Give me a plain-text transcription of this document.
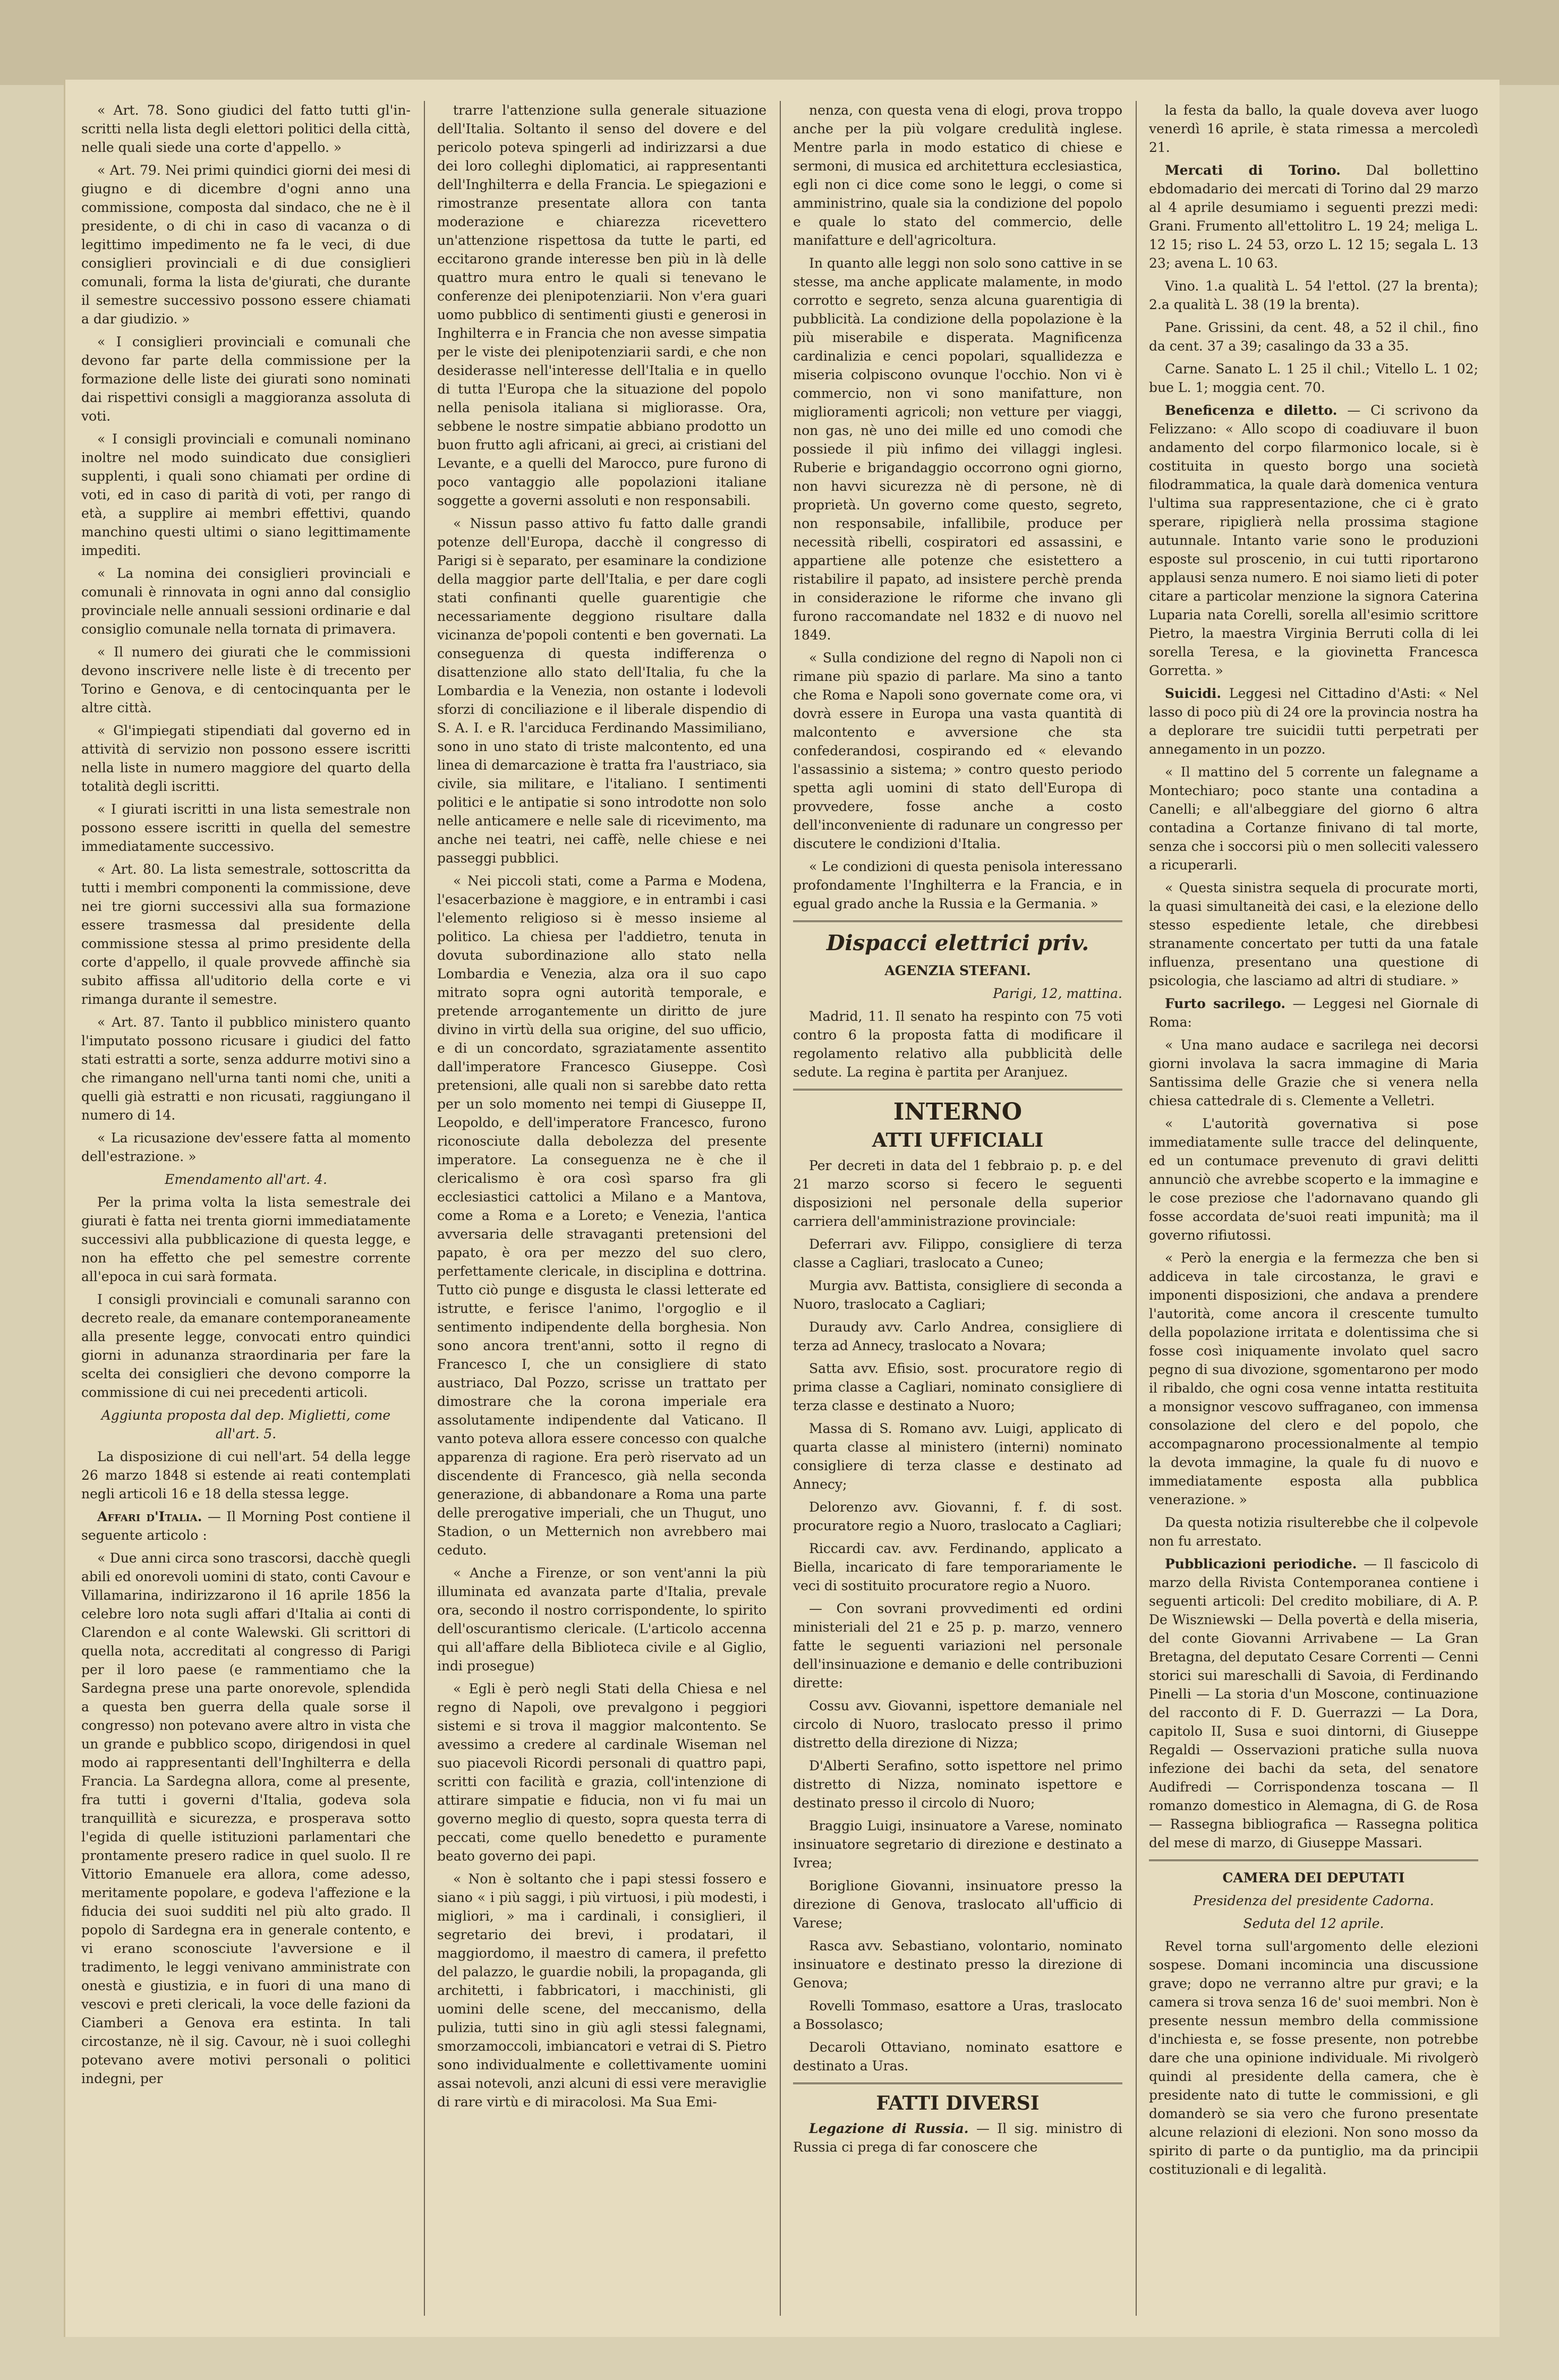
« Art. 78. Sono giudici del fatto tutti gl'in-scritti nella lista degli elettori politici della città, nelle quali siede una corte d'appello. »

« Art. 79. Nei primi quindici giorni dei mesi di giugno e di dicembre d'ogni anno una commissione, composta dal sindaco, che ne è il presidente, o di chi in caso di vacanza o di legittimo impedimento ne fa le veci, di due consiglieri provinciali e di due consiglieri comunali, forma la lista de'giurati, che durante il semestre successivo possono essere chiamati a dar giudizio. »

« I consiglieri provinciali e comunali che devono far parte della commissione per la formazione delle liste dei giurati sono nominati dai rispettivi consigli a maggioranza assoluta di voti.

« I consigli provinciali e comunali nominano inoltre nel modo suindicato due consiglieri supplenti, i quali sono chiamati per ordine di voti, ed in caso di parità di voti, per rango di età, a supplire ai membri effettivi, quando manchino questi ultimi o siano legittimamente impediti.

« La nomina dei consiglieri provinciali e comunali è rinnovata in ogni anno dal consiglio provinciale nelle annuali sessioni ordinarie e dal consiglio comunale nella tornata di primavera.

« Il numero dei giurati che le commissioni devono inscrivere nelle liste è di trecento per Torino e Genova, e di centocinquanta per le altre città.

« Gl'impiegati stipendiati dal governo ed in attività di servizio non possono essere iscritti nella liste in numero maggiore del quarto della totalità degli iscritti.

« I giurati iscritti in una lista semestrale non possono essere iscritti in quella del semestre immediatamente successivo.

« Art. 80. La lista semestrale, sottoscritta da tutti i membri componenti la commissione, deve nei tre giorni successivi alla sua formazione essere trasmessa dal presidente della commissione stessa al primo presidente della corte d'appello, il quale provvede affinchè sia subito affissa all'uditorio della corte e vi rimanga durante il semestre.

« Art. 87. Tanto il pubblico ministero quanto l'imputato possono ricusare i giudici del fatto stati estratti a sorte, senza addurre motivi sino a che rimangano nell'urna tanti nomi che, uniti a quelli già estratti e non ricusati, raggiungano il numero di 14.

« La ricusazione dev'essere fatta al momento dell'estrazione. »

Emendamento all'art. 4.

Per la prima volta la lista semestrale dei giurati è fatta nei trenta giorni immediatamente successivi alla pubblicazione di questa legge, e non ha effetto che pel semestre corrente all'epoca in cui sarà formata.

I consigli provinciali e comunali saranno con decreto reale, da emanare contemporaneamente alla presente legge, convocati entro quindici giorni in adunanza straordinaria per fare la scelta dei consiglieri che devono comporre la commissione di cui nei precedenti articoli.

Aggiunta proposta dal dep. Miglietti, come all'art. 5.

La disposizione di cui nell'art. 54 della legge 26 marzo 1848 si estende ai reati contemplati negli articoli 16 e 18 della stessa legge.

Affari d'Italia. — Il Morning Post contiene il seguente articolo :

« Due anni circa sono trascorsi, dacchè quegli abili ed onorevoli uomini di stato, conti Cavour e Villamarina, indirizzarono il 16 aprile 1856 la celebre loro nota sugli affari d'Italia ai conti di Clarendon e al conte Walewski. Gli scrittori di quella nota, accreditati al congresso di Parigi per il loro paese (e rammentiamo che la Sardegna prese una parte onorevole, splendida a questa ben guerra della quale sorse il congresso) non potevano avere altro in vista che un grande e pubblico scopo, dirigendosi in quel modo ai rappresentanti dell'Inghilterra e della Francia. La Sardegna allora, come al presente, fra tutti i governi d'Italia, godeva sola tranquillità e sicurezza, e prosperava sotto l'egida di quelle istituzioni parlamentari che prontamente presero radice in quel suolo. Il re Vittorio Emanuele era allora, come adesso, meritamente popolare, e godeva l'affezione e la fiducia dei suoi sudditi nel più alto grado. Il popolo di Sardegna era in generale contento, e vi erano sconosciute l'avversione e il tradimento, le leggi venivano amministrate con onestà e giustizia, e in fuori di una mano di vescovi e preti clericali, la voce delle fazioni da Ciamberi a Genova era estinta. In tali circostanze, nè il sig. Cavour, nè i suoi colleghi potevano avere motivi personali o politici indegni, per

trarre l'attenzione sulla generale situazione dell'Italia. Soltanto il senso del dovere e del pericolo poteva spingerli ad indirizzarsi a due dei loro colleghi diplomatici, ai rappresentanti dell'Inghilterra e della Francia. Le spiegazioni e rimostranze presentate allora con tanta moderazione e chiarezza ricevettero un'attenzione rispettosa da tutte le parti, ed eccitarono grande interesse ben più in là delle quattro mura entro le quali si tenevano le conferenze dei plenipotenziarii. Non v'era guari uomo pubblico di sentimenti giusti e generosi in Inghilterra e in Francia che non avesse simpatia per le viste dei plenipotenziarii sardi, e che non desiderasse nell'interesse dell'Italia e in quello di tutta l'Europa che la situazione del popolo nella penisola italiana si migliorasse. Ora, sebbene le nostre simpatie abbiano prodotto un buon frutto agli africani, ai greci, ai cristiani del Levante, e a quelli del Marocco, pure furono di poco vantaggio alle popolazioni italiane soggette a governi assoluti e non responsabili.

« Nissun passo attivo fu fatto dalle grandi potenze dell'Europa, dacchè il congresso di Parigi si è separato, per esaminare la condizione della maggior parte dell'Italia, e per dare cogli stati confinanti quelle guarentigie che necessariamente deggiono risultare dalla vicinanza de'popoli contenti e ben governati. La conseguenza di questa indifferenza o disattenzione allo stato dell'Italia, fu che la Lombardia e la Venezia, non ostante i lodevoli sforzi di conciliazione e il liberale dispendio di S. A. I. e R. l'arciduca Ferdinando Massimiliano, sono in uno stato di triste malcontento, ed una linea di demarcazione è tratta fra l'austriaco, sia civile, sia militare, e l'italiano. I sentimenti politici e le antipatie si sono introdotte non solo nelle anticamere e nelle sale di ricevimento, ma anche nei teatri, nei caffè, nelle chiese e nei passeggi pubblici.

« Nei piccoli stati, come a Parma e Modena, l'esacerbazione è maggiore, e in entrambi i casi l'elemento religioso si è messo insieme al politico. La chiesa per l'addietro, tenuta in dovuta subordinazione allo stato nella Lombardia e Venezia, alza ora il suo capo mitrato sopra ogni autorità temporale, e pretende arrogantemente un diritto de jure divino in virtù della sua origine, del suo ufficio, e di un concordato, sgraziatamente assentito dall'imperatore Francesco Giuseppe. Così pretensioni, alle quali non si sarebbe dato retta per un solo momento nei tempi di Giuseppe II, Leopoldo, e dell'imperatore Francesco, furono riconosciute dalla debolezza del presente imperatore. La conseguenza ne è che il clericalismo è ora così sparso fra gli ecclesiastici cattolici a Milano e a Mantova, come a Roma e a Loreto; e Venezia, l'antica avversaria delle stravaganti pretensioni del papato, è ora per mezzo del suo clero, perfettamente clericale, in disciplina e dottrina. Tutto ciò punge e disgusta le classi letterate ed istrutte, e ferisce l'animo, l'orgoglio e il sentimento indipendente della borghesia. Non sono ancora trent'anni, sotto il regno di Francesco I, che un consigliere di stato austriaco, Dal Pozzo, scrisse un trattato per dimostrare che la corona imperiale era assolutamente indipendente dal Vaticano. Il vanto poteva allora essere concesso con qualche apparenza di ragione. Era però riservato ad un discendente di Francesco, già nella seconda generazione, di abbandonare a Roma una parte delle prerogative imperiali, che un Thugut, uno Stadion, o un Metternich non avrebbero mai ceduto.

« Anche a Firenze, or son vent'anni la più illuminata ed avanzata parte d'Italia, prevale ora, secondo il nostro corrispondente, lo spirito dell'oscurantismo clericale. (L'articolo accenna qui all'affare della Biblioteca civile e al Giglio, indi prosegue)

« Egli è però negli Stati della Chiesa e nel regno di Napoli, ove prevalgono i peggiori sistemi e si trova il maggior malcontento. Se avessimo a credere al cardinale Wiseman nel suo piacevoli Ricordi personali di quattro papi, scritti con facilità e grazia, coll'intenzione di attirare simpatie e fiducia, non vi fu mai un governo meglio di questo, sopra questa terra di peccati, come quello benedetto e puramente beato governo dei papi.

« Non è soltanto che i papi stessi fossero e siano « i più saggi, i più virtuosi, i più modesti, i migliori, » ma i cardinali, i consiglieri, il segretario dei brevi, i prodatari, il maggiordomo, il maestro di camera, il prefetto del palazzo, le guardie nobili, la propaganda, gli architetti, i fabbricatori, i macchinisti, gli uomini delle scene, del meccanismo, della pulizia, tutti sino in giù agli stessi falegnami, smorzamoccoli, imbiancatori e vetrai di S. Pietro sono individualmente e collettivamente uomini assai notevoli, anzi alcuni di essi vere meraviglie di rare virtù e di miracolosi. Ma Sua Emi-

nenza, con questa vena di elogi, prova troppo anche per la più volgare credulità inglese. Mentre parla in modo estatico di chiese e sermoni, di musica ed architettura ecclesiastica, egli non ci dice come sono le leggi, o come si amministrino, quale sia la condizione del popolo e quale lo stato del commercio, delle manifatture e dell'agricoltura.

In quanto alle leggi non solo sono cattive in se stesse, ma anche applicate malamente, in modo corrotto e segreto, senza alcuna guarentigia di pubblicità. La condizione della popolazione è la più miserabile e disperata. Magnificenza cardinalizia e cenci popolari, squallidezza e miseria colpiscono ovunque l'occhio. Non vi è commercio, non vi sono manifatture, non miglioramenti agricoli; non vetture per viaggi, non gas, nè uno dei mille ed uno comodi che possiede il più infimo dei villaggi inglesi. Ruberie e brigandaggio occorrono ogni giorno, non havvi sicurezza nè di persone, nè di proprietà. Un governo come questo, segreto, non responsabile, infallibile, produce per necessità ribelli, cospiratori ed assassini, e appartiene alle potenze che esistettero a ristabilire il papato, ad insistere perchè prenda in considerazione le riforme che invano gli furono raccomandate nel 1832 e di nuovo nel 1849.

« Sulla condizione del regno di Napoli non ci rimane più spazio di parlare. Ma sino a tanto che Roma e Napoli sono governate come ora, vi dovrà essere in Europa una vasta quantità di malcontento e avversione che sta confederandosi, cospirando ed « elevando l'assassinio a sistema; » contro questo periodo spetta agli uomini di stato dell'Europa di provvedere, fosse anche a costo dell'inconveniente di radunare un congresso per discutere le condizioni d'Italia.

« Le condizioni di questa penisola interessano profondamente l'Inghilterra e la Francia, e in egual grado anche la Russia e la Germania. »

Dispacci elettrici priv.

AGENZIA STEFANI.

Parigi, 12, mattina.

Madrid, 11. Il senato ha respinto con 75 voti contro 6 la proposta fatta di modificare il regolamento relativo alla pubblicità delle sedute. La regina è partita per Aranjuez.

INTERNO

ATTI UFFICIALI

Per decreti in data del 1 febbraio p. p. e del 21 marzo scorso si fecero le seguenti disposizioni nel personale della superior carriera dell'amministrazione provinciale:

Deferrari avv. Filippo, consigliere di terza classe a Cagliari, traslocato a Cuneo;

Murgia avv. Battista, consigliere di seconda a Nuoro, traslocato a Cagliari;

Duraudy avv. Carlo Andrea, consigliere di terza ad Annecy, traslocato a Novara;

Satta avv. Efisio, sost. procuratore regio di prima classe a Cagliari, nominato consigliere di terza classe e destinato a Nuoro;

Massa di S. Romano avv. Luigi, applicato di quarta classe al ministero (interni) nominato consigliere di terza classe e destinato ad Annecy;

Delorenzo avv. Giovanni, f. f. di sost. procuratore regio a Nuoro, traslocato a Cagliari;

Riccardi cav. avv. Ferdinando, applicato a Biella, incaricato di fare temporariamente le veci di sostituito procuratore regio a Nuoro.

— Con sovrani provvedimenti ed ordini ministeriali del 21 e 25 p. p. marzo, vennero fatte le seguenti variazioni nel personale dell'insinuazione e demanio e delle contribuzioni dirette:

Cossu avv. Giovanni, ispettore demaniale nel circolo di Nuoro, traslocato presso il primo distretto della direzione di Nizza;

D'Alberti Serafino, sotto ispettore nel primo distretto di Nizza, nominato ispettore e destinato presso il circolo di Nuoro;

Braggio Luigi, insinuatore a Varese, nominato insinuatore segretario di direzione e destinato a Ivrea;

Boriglione Giovanni, insinuatore presso la direzione di Genova, traslocato all'ufficio di Varese;

Rasca avv. Sebastiano, volontario, nominato insinuatore e destinato presso la direzione di Genova;

Rovelli Tommaso, esattore a Uras, traslocato a Bossolasco;

Decaroli Ottaviano, nominato esattore e destinato a Uras.

FATTI DIVERSI

Legazione di Russia. — Il sig. ministro di Russia ci prega di far conoscere che

la festa da ballo, la quale doveva aver luogo venerdì 16 aprile, è stata rimessa a mercoledì 21.

Mercati di Torino. Dal bollettino ebdomadario dei mercati di Torino dal 29 marzo al 4 aprile desumiamo i seguenti prezzi medi: Grani. Frumento all'ettolitro L. 19 24; meliga L. 12 15; riso L. 24 53, orzo L. 12 15; segala L. 13 23; avena L. 10 63.

Vino. 1.a qualità L. 54 l'ettol. (27 la brenta); 2.a qualità L. 38 (19 la brenta).

Pane. Grissini, da cent. 48, a 52 il chil., fino da cent. 37 a 39; casalingo da 33 a 35.

Carne. Sanato L. 1 25 il chil.; Vitello L. 1 02; bue L. 1; moggia cent. 70.

Beneficenza e diletto. — Ci scrivono da Felizzano: « Allo scopo di coadiuvare il buon andamento del corpo filarmonico locale, si è costituita in questo borgo una società filodrammatica, la quale darà domenica ventura l'ultima sua rappresentazione, che ci è grato sperare, ripiglierà nella prossima stagione autunnale. Intanto varie sono le produzioni esposte sul proscenio, in cui tutti riportarono applausi senza numero. E noi siamo lieti di poter citare a particolar menzione la signora Caterina Luparia nata Corelli, sorella all'esimio scrittore Pietro, la maestra Virginia Berruti colla di lei sorella Teresa, e la giovinetta Francesca Gorretta. »

Suicidi. Leggesi nel Cittadino d'Asti: « Nel lasso di poco più di 24 ore la provincia nostra ha a deplorare tre suicidii tutti perpetrati per annegamento in un pozzo.

« Il mattino del 5 corrente un falegname a Montechiaro; poco stante una contadina a Canelli; e all'albeggiare del giorno 6 altra contadina a Cortanze finivano di tal morte, senza che i soccorsi più o men solleciti valessero a ricuperarli.

« Questa sinistra sequela di procurate morti, la quasi simultaneità dei casi, e la elezione dello stesso espediente letale, che direbbesi stranamente concertato per tutti da una fatale influenza, presentano una questione di psicologia, che lasciamo ad altri di studiare. »

Furto sacrilego. — Leggesi nel Giornale di Roma:

« Una mano audace e sacrilega nei decorsi giorni involava la sacra immagine di Maria Santissima delle Grazie che si venera nella chiesa cattedrale di s. Clemente a Velletri.

« L'autorità governativa si pose immediatamente sulle tracce del delinquente, ed un contumace prevenuto di gravi delitti annunciò che avrebbe scoperto e la immagine e le cose preziose che l'adornavano quando gli fosse accordata de'suoi reati impunità; ma il governo rifiutossi.

« Però la energia e la fermezza che ben si addiceva in tale circostanza, le gravi e imponenti disposizioni, che andava a prendere l'autorità, come ancora il crescente tumulto della popolazione irritata e dolentissima che si fosse così iniquamente involato quel sacro pegno di sua divozione, sgomentarono per modo il ribaldo, che ogni cosa venne intatta restituita a monsignor vescovo suffraganeo, con immensa consolazione del clero e del popolo, che accompagnarono processionalmente al tempio la devota immagine, la quale fu di nuovo e immediatamente esposta alla pubblica venerazione. »

Da questa notizia risulterebbe che il colpevole non fu arrestato.

Pubblicazioni periodiche. — Il fascicolo di marzo della Rivista Contemporanea contiene i seguenti articoli: Del credito mobiliare, di A. P. De Wiszniewski — Della povertà e della miseria, del conte Giovanni Arrivabene — La Gran Bretagna, del deputato Cesare Correnti — Cenni storici sui mareschalli di Savoia, di Ferdinando Pinelli — La storia d'un Moscone, continuazione del racconto di F. D. Guerrazzi — La Dora, capitolo II, Susa e suoi dintorni, di Giuseppe Regaldi — Osservazioni pratiche sulla nuova infezione dei bachi da seta, del senatore Audifredi — Corrispondenza toscana — Il romanzo domestico in Alemagna, di G. de Rosa — Rassegna bibliografica — Rassegna politica del mese di marzo, di Giuseppe Massari.

CAMERA DEI DEPUTATI

Presidenza del presidente Cadorna.

Seduta del 12 aprile.

Revel torna sull'argomento delle elezioni sospese. Domani incomincia una discussione grave; dopo ne verranno altre pur gravi; e la camera si trova senza 16 de' suoi membri. Non è presente nessun membro della commissione d'inchiesta e, se fosse presente, non potrebbe dare che una opinione individuale. Mi rivolgerò quindi al presidente della camera, che è presidente nato di tutte le commissioni, e gli domanderò se sia vero che furono presentate alcune relazioni di elezioni. Non sono mosso da spirito di parte o da puntiglio, ma da principii costituzionali e di legalità.
